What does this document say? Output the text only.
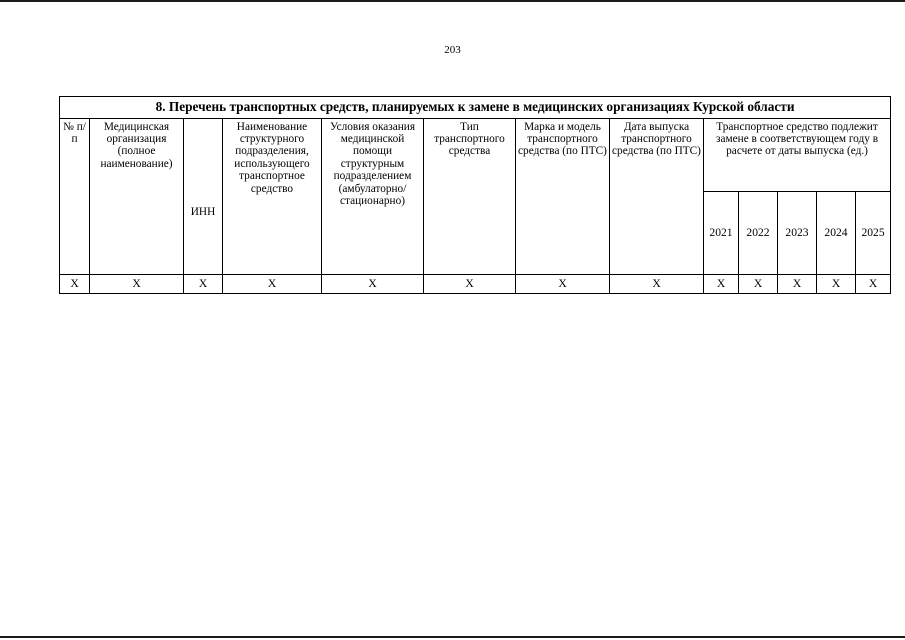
203
8. Перечень транспортных средств, планируемых к замене в медицинских организациях Курской области												
№ п/п	Медицинская организация (полное наименование)	ИНН	Наименование структурного подразделения, использующего транспортное средство	Условия оказания медицинской помощи структурным подразделением (амбулаторно/ стационарно)	Тип транспортного средства	Марка и модель транспортного средства (по ПТС)	Дата выпуска транспортного средства (по ПТС)	Транспортное средство подлежит замене в соответствующем году в расчете от даты выпуска (ед.)				
								2021	2022	2023	2024	2025
Х	Х	Х	Х	Х	Х	Х	Х	Х	Х	Х	Х	Х
